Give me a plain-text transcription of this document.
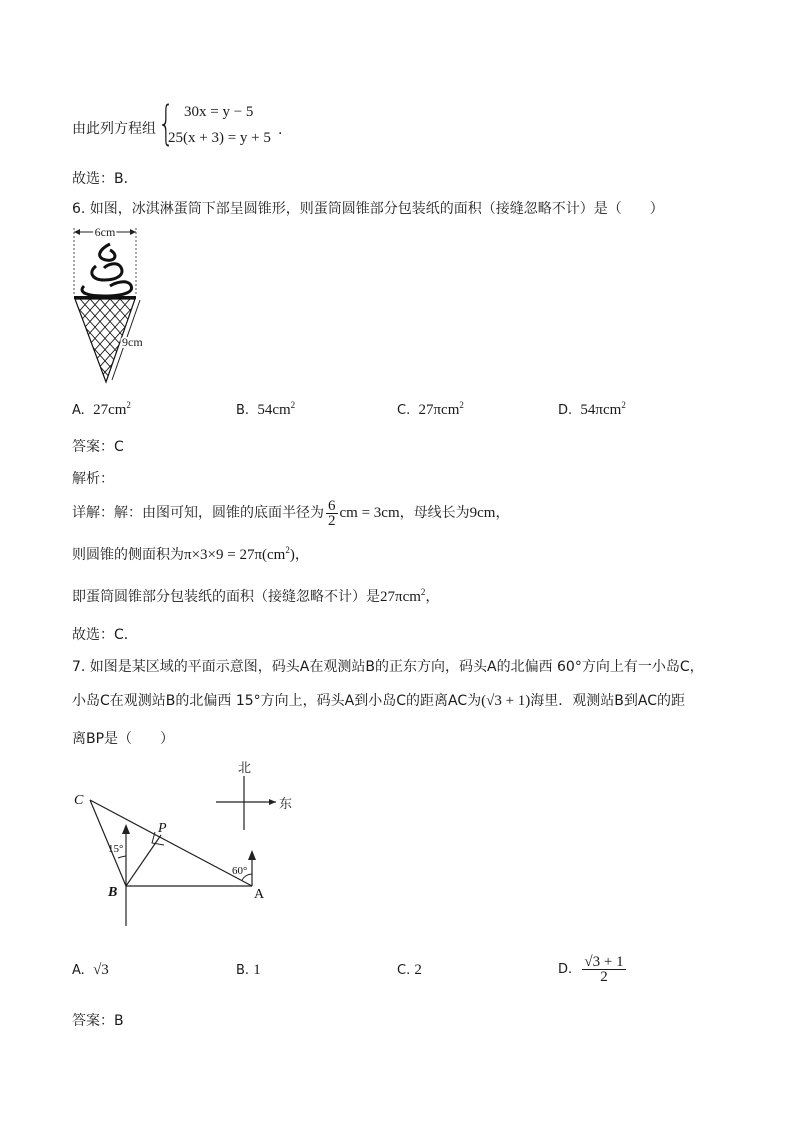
由此列方程组 { 30x = y − 5
25(x + 3) = y + 5 .
故选：B．
6. 如图，冰淇淋蛋筒下部呈圆锥形，则蛋筒圆锥部分包装纸的面积（接缝忽略不计）是（　　）
6cm
9cm
A. $27cm^2$	B. $54cm^2$	C. 27πcm$^2$	D. 54πcm$^2$
答案：C
解析：
详解：解：由图可知，圆锥的底面半径为 $\frac{6}{2}$ cm = 3cm，母线长为9cm，
则圆锥的侧面积为$\pi\times 3\times 9 = 27\pi(cm^2)$，
即蛋筒圆锥部分包装纸的面积（接缝忽略不计）是27πcm$^2$，
故选：C．
7. 如图是某区域的平面示意图，码头A在观测站B的正东方向，码头A的北偏西 60°方向上有一小岛C，
小岛C在观测站B的北偏西 15°方向上，码头A到小岛C的距离AC为(√3 + 1)海里．观测站B到AC的距
离BP是（　　）
北
东
C
P
B	A
15°
60°
A. √3	B. 1	C. 2	D. $\frac{√3 + 1}{2}$
答案：B
